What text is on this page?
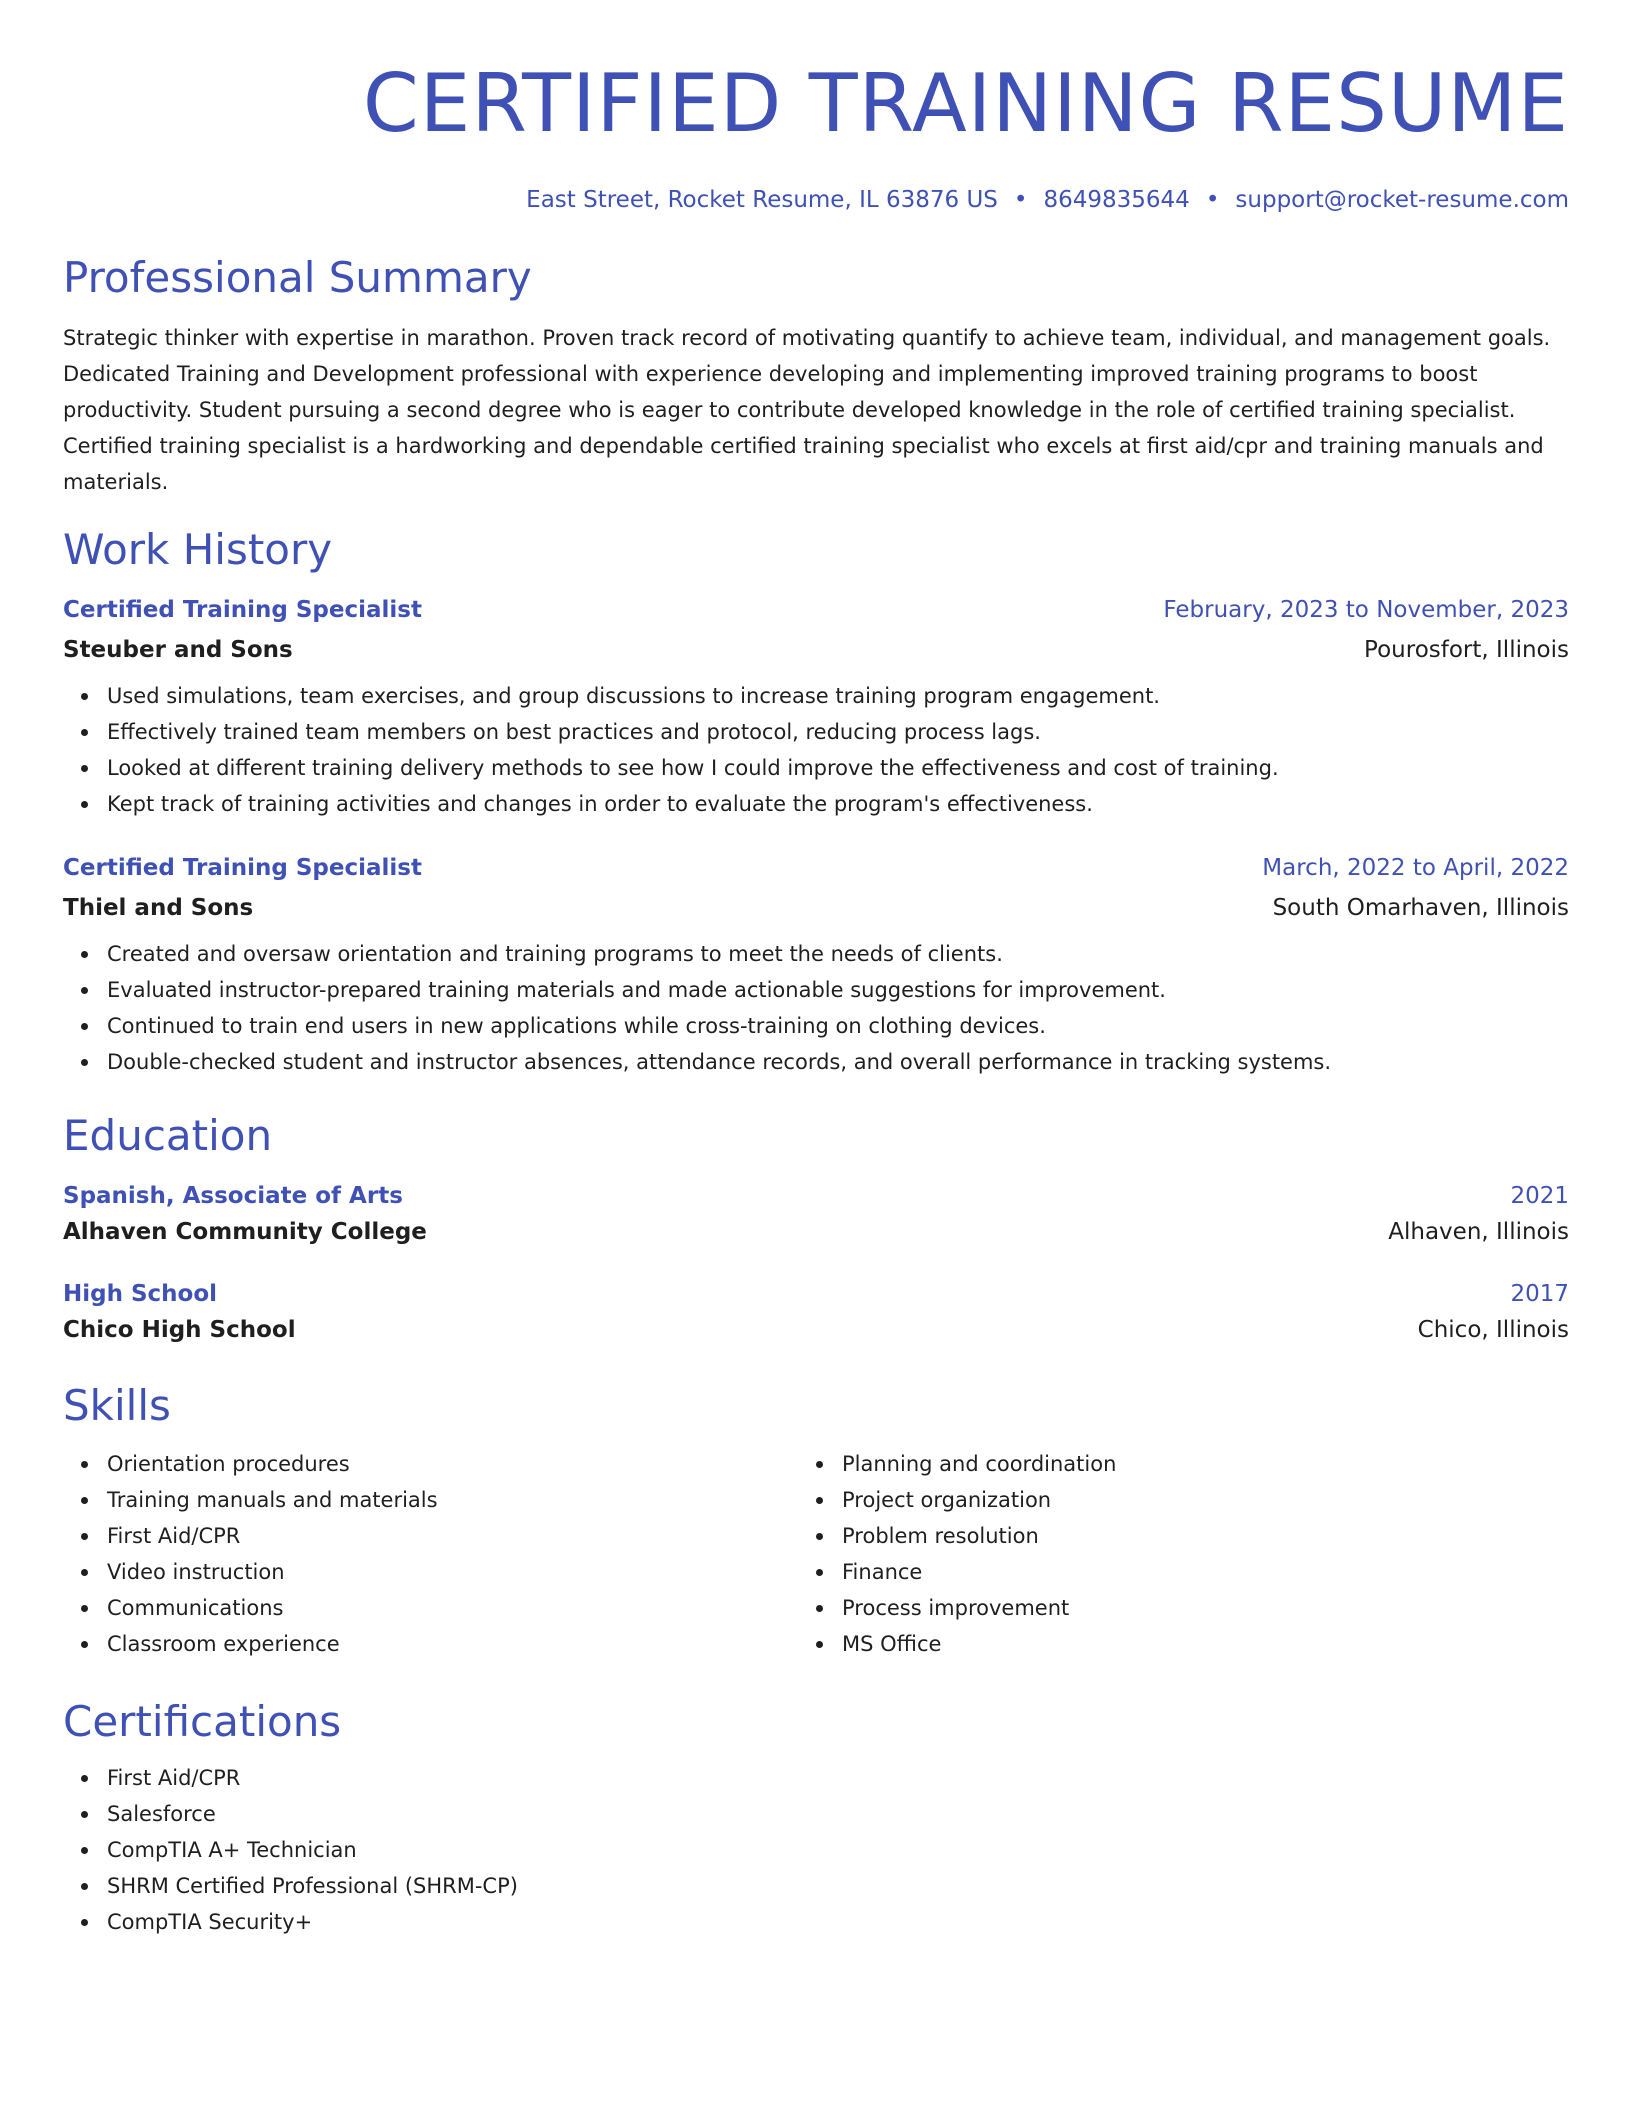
CERTIFIED TRAINING RESUME
East Street, Rocket Resume, IL 63876 US • 8649835644 • support@rocket-resume.com
Professional Summary

Strategic thinker with expertise in marathon. Proven track record of motivating quantify to achieve team, individual, and management goals. Dedicated Training and Development professional with experience developing and implementing improved training programs to boost productivity. Student pursuing a second degree who is eager to contribute developed knowledge in the role of certified training specialist. Certified training specialist is a hardworking and dependable certified training specialist who excels at first aid/cpr and training manuals and materials.

Work History
Certified Training Specialist	February, 2023 to November, 2023
Steuber and Sons	Pourosfort, Illinois
Used simulations, team exercises, and group discussions to increase training program engagement.
Effectively trained team members on best practices and protocol, reducing process lags.
Looked at different training delivery methods to see how I could improve the effectiveness and cost of training.
Kept track of training activities and changes in order to evaluate the program's effectiveness.
Certified Training Specialist	March, 2022 to April, 2022
Thiel and Sons	South Omarhaven, Illinois
Created and oversaw orientation and training programs to meet the needs of clients.
Evaluated instructor-prepared training materials and made actionable suggestions for improvement.
Continued to train end users in new applications while cross-training on clothing devices.
Double-checked student and instructor absences, attendance records, and overall performance in tracking systems.
Education
Spanish, Associate of Arts	2021
Alhaven Community College	Alhaven, Illinois
High School	2017
Chico High School	Chico, Illinois
Skills
Orientation procedures
Training manuals and materials
First Aid/CPR
Video instruction
Communications
Classroom experience
Planning and coordination
Project organization
Problem resolution
Finance
Process improvement
MS Office
Certifications
First Aid/CPR
Salesforce
CompTIA A+ Technician
SHRM Certified Professional (SHRM-CP)
CompTIA Security+
